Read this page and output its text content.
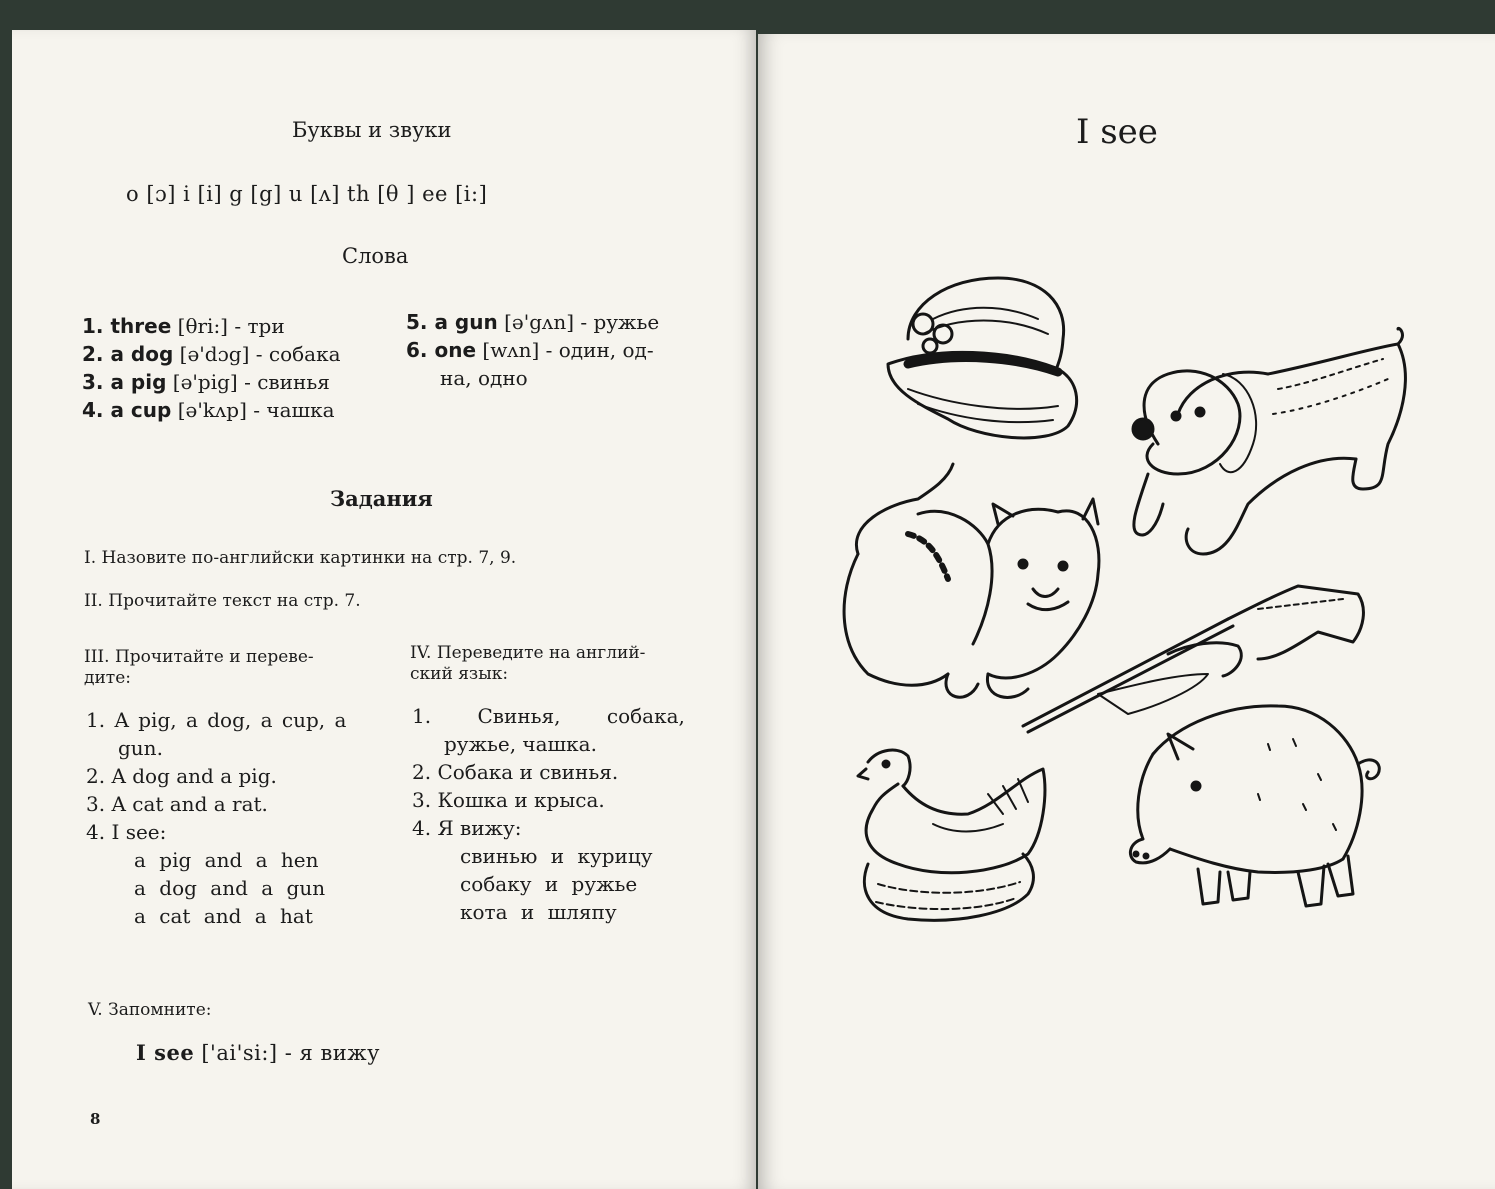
Буквы и звуки
o [ɔ] i [i] g [g] u [ʌ] th [θ ] ee [i:]
Слова
1. three [θri:] - три
2. a dog [ə'dɔg] - собака
3. a pig [ə'pig] - свинья
4. a cup [ə'kʌp] - чашка
5. a gun [ə'gʌn] - ружье
6. one [wʌn] - один, од-
на, одно
Задания
I. Назовите по-английски картинки на стр. 7, 9.
II. Прочитайте текст на стр. 7.
III. Прочитайте и переве-
дите:
IV. Переведите на англий-
ский язык:
1. A pig, a dog, a cup, a
gun.
2. A dog and a pig.
3. A cat and a rat.
4. I see:
a pig and a hen
a dog and a gun
a cat and a hat
1. Свинья, собака,
ружье, чашка.
2. Собака и свинья.
3. Кошка и крыса.
4. Я вижу:
свинью и курицу
собаку и ружье
кота и шляпу
V. Запомните:
I see ['ai'si:] - я вижу
8
I see
